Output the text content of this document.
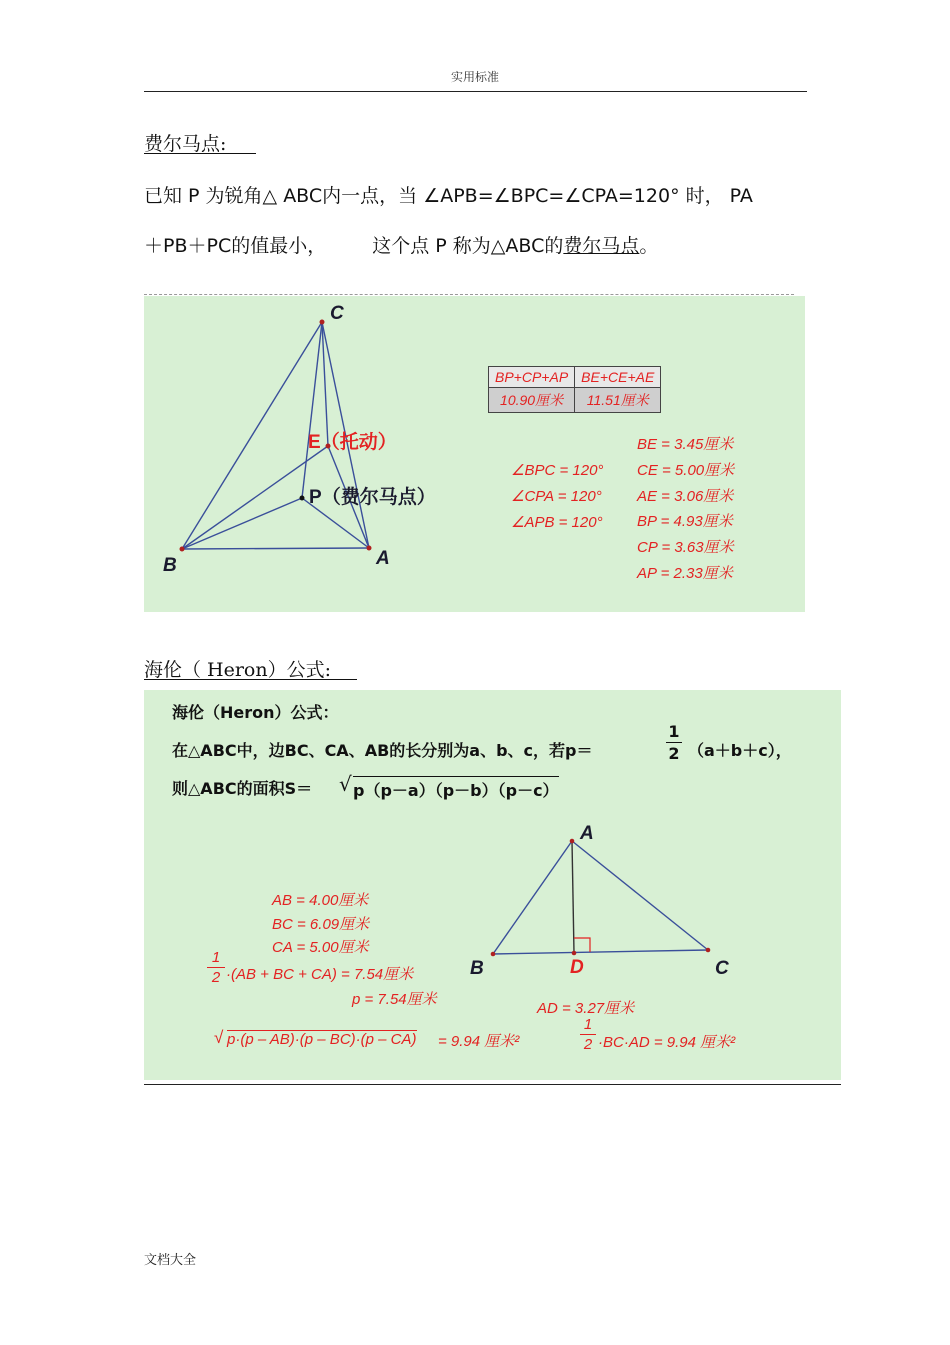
实用标准
费尔马点:
已知 P 为锐角△ ABC内一点，当 ∠APB=∠BPC=∠CPA=120° 时， PA
＋PB＋PC的值最小， 这个点 P 称为△ABC的费尔马点。
C
B	A
E（托动）
P（费尔马点）
BP+CP+AP	BE+CE+AE
10.90厘米	11.51厘米
∠BPC = 120°
∠CPA = 120°
∠APB = 120°
BE = 3.45厘米
CE = 5.00厘米
AE = 3.06厘米
BP = 4.93厘米
CP = 3.63厘米
AP = 2.33厘米
海伦（ Heron）公式:
海伦（Heron）公式：
在△ABC中，边BC、CA、AB的长分别为a、b、c，若p＝
1
2 （a＋b＋c），
则△ABC的面积S＝ √ p（p－a）（p－b）（p－c）
A
B	C
D
AB = 4.00厘米
BC = 6.09厘米
CA = 5.00厘米
1
2 ·(AB + BC + CA) = 7.54厘米
p = 7.54厘米
√ p·(p – AB)·(p – BC)·(p – CA) = 9.94 厘米²
AD = 3.27厘米
1
2 ·BC·AD = 9.94 厘米²
文档大全
